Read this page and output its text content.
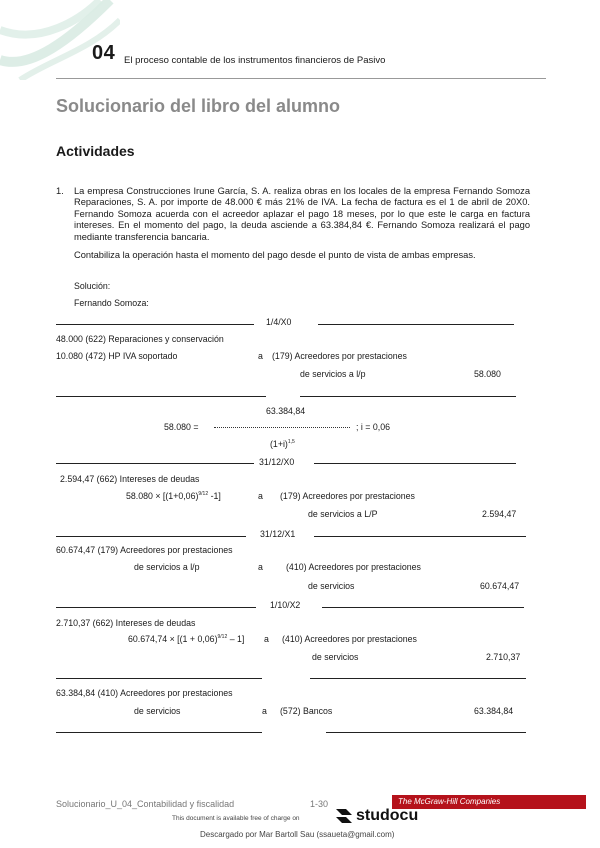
04 El proceso contable de los instrumentos financieros de Pasivo
Solucionario del libro del alumno
Actividades
1. La empresa Construcciones Irune García, S. A. realiza obras en los locales de la empresa Fernando Somoza Reparaciones, S. A. por importe de 48.000 € más 21% de IVA. La fecha de factura es el 1 de abril de 20X0. Fernando Somoza acuerda con el acreedor aplazar el pago 18 meses, por lo que este le carga en factura intereses. En el momento del pago, la deuda asciende a 63.384,84 €. Fernando Somoza realizará el pago mediante transferencia bancaria.
Contabiliza la operación hasta el momento del pago desde el punto de vista de ambas empresas.
Solución:
Fernando Somoza:
1/4/X0
48.000 (622) Reparaciones y conservación
10.080 (472) HP IVA soportado	a (179) Acreedores por prestaciones
de servicios a l/p	58.080
63.384,84
58.080 =	; i = 0,06
$(1+i)^{1,5}$
31/12/X0
2.594,47 (662) Intereses de deudas
$58.080 \times [(1+0,06)^{9/12}$ -1]	a (179) Acreedores por prestaciones
de servicios a L/P	2.594,47
31/12/X1
60.674,47 (179) Acreedores por prestaciones
de servicios a l/p	a	(410) Acreedores por prestaciones
de servicios	60.674,47
1/10/X2
2.710,37 (662) Intereses de deudas
$60.674,74 \times [(1 + 0,06)^{9/12} - 1]$ a (410) Acreedores por prestaciones
de servicios	2.710,37
63.384,84 (410) Acreedores por prestaciones
de servicios	a (572) Bancos	63.384,84
Solucionario_U_04_Contabilidad y fiscalidad	1-30	The McGraw-Hill Companies
studocu
This document is available free of charge on
Descargado por Mar Bartoll Sau (ssaueta@gmail.com)
